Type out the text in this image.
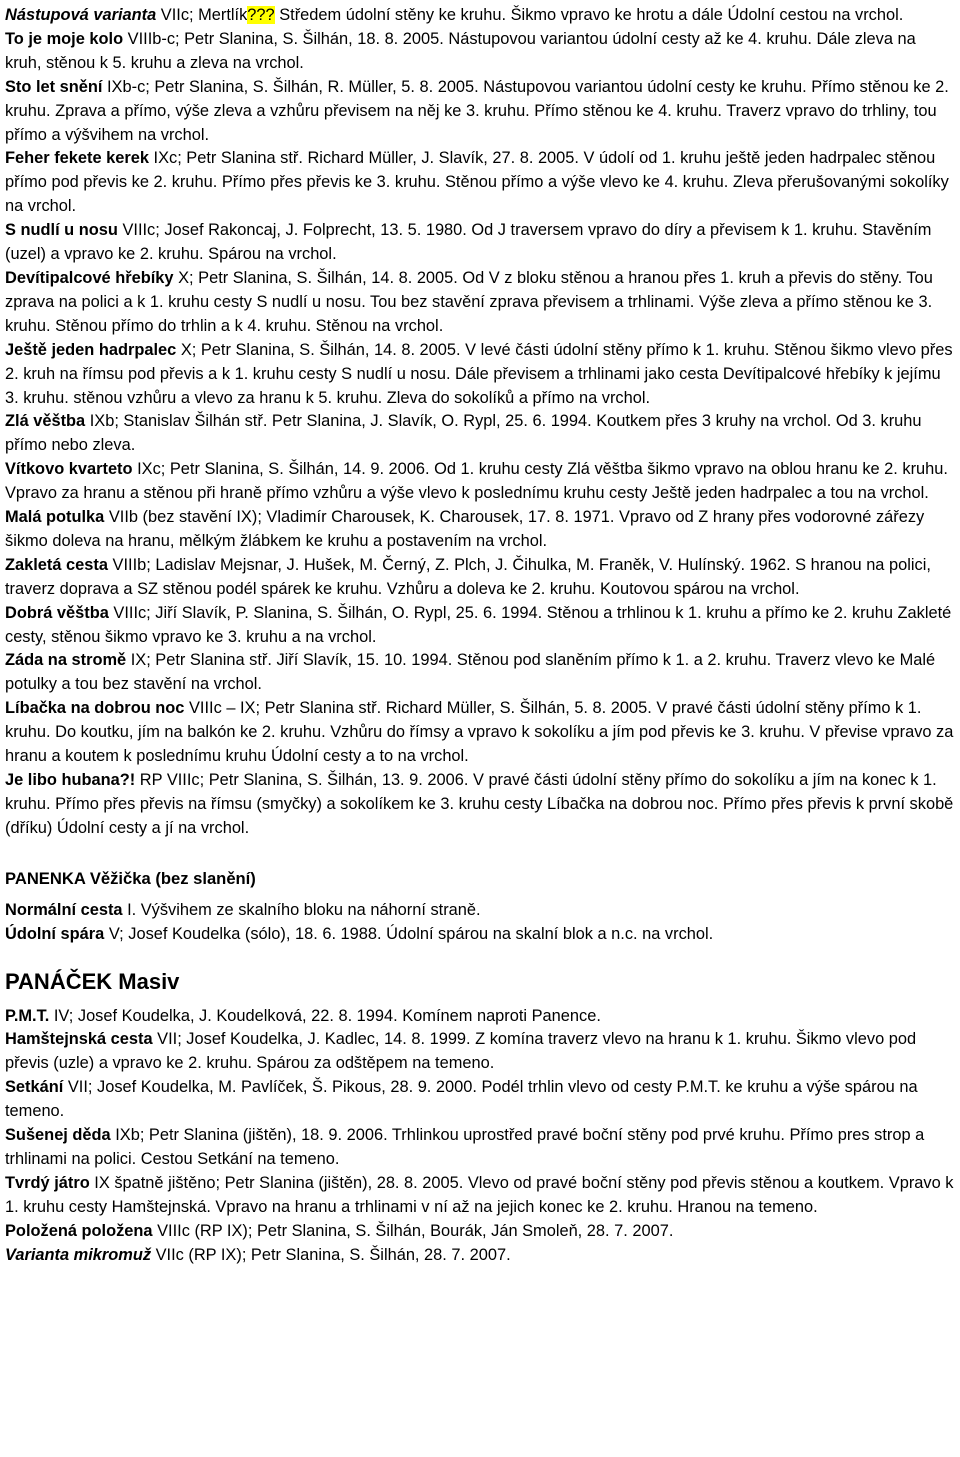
Nástupová varianta VIIc; Mertlík??? Středem údolní stěny ke kruhu. Šikmo vpravo ke hrotu a dále Údolní cestou na vrchol.

To je moje kolo VIIIb-c; Petr Slanina, S. Šilhán, 18. 8. 2005. Nástupovou variantou údolní cesty až ke 4. kruhu. Dále zleva na kruh, stěnou k 5. kruhu a zleva na vrchol.

Sto let snění IXb-c; Petr Slanina, S. Šilhán, R. Müller, 5. 8. 2005. Nástupovou variantou údolní cesty ke kruhu. Přímo stěnou ke 2. kruhu. Zprava a přímo, výše zleva a vzhůru převisem na něj ke 3. kruhu. Přímo stěnou ke 4. kruhu. Traverz vpravo do trhliny, tou přímo a výšvihem na vrchol.

Feher fekete kerek IXc; Petr Slanina stř. Richard Müller, J. Slavík, 27. 8. 2005. V údolí od 1. kruhu ještě jeden hadrpalec stěnou přímo pod převis ke 2. kruhu. Přímo přes převis ke 3. kruhu. Stěnou přímo a výše vlevo ke 4. kruhu. Zleva přerušovanými sokolíky na vrchol.

S nudlí u nosu VIIIc; Josef Rakoncaj, J. Folprecht, 13. 5. 1980. Od J traversem vpravo do díry a převisem k 1. kruhu. Stavěním (uzel) a vpravo ke 2. kruhu. Spárou na vrchol.

Devítipalcové hřebíky X; Petr Slanina, S. Šilhán, 14. 8. 2005. Od V z bloku stěnou a hranou přes 1. kruh a převis do stěny. Tou zprava na polici a k 1. kruhu cesty S nudlí u nosu. Tou bez stavění zprava převisem a trhlinami. Výše zleva a přímo stěnou ke 3. kruhu. Stěnou přímo do trhlin a k 4. kruhu. Stěnou na vrchol.

Ještě jeden hadrpalec X; Petr Slanina, S. Šilhán, 14. 8. 2005. V levé části údolní stěny přímo k 1. kruhu. Stěnou šikmo vlevo přes 2. kruh na římsu pod převis a k 1. kruhu cesty S nudlí u nosu. Dále převisem a trhlinami jako cesta Devítipalcové hřebíky k jejímu 3. kruhu. stěnou vzhůru a vlevo za hranu k 5. kruhu. Zleva do sokolíků a přímo na vrchol.

Zlá věštba IXb; Stanislav Šilhán stř. Petr Slanina, J. Slavík, O. Rypl, 25. 6. 1994. Koutkem přes 3 kruhy na vrchol. Od 3. kruhu přímo nebo zleva.

Vítkovo kvarteto IXc; Petr Slanina, S. Šilhán, 14. 9. 2006. Od 1. kruhu cesty Zlá věštba šikmo vpravo na oblou hranu ke 2. kruhu. Vpravo za hranu a stěnou při hraně přímo vzhůru a výše vlevo k poslednímu kruhu cesty Ještě jeden hadrpalec a tou na vrchol.

Malá potulka VIIb (bez stavění IX); Vladimír Charousek, K. Charousek, 17. 8. 1971. Vpravo od Z hrany přes vodorovné zářezy šikmo doleva na hranu, mělkým žlábkem ke kruhu a postavením na vrchol.

Zakletá cesta VIIIb; Ladislav Mejsnar, J. Hušek, M. Černý, Z. Plch, J. Čihulka, M. Franěk, V. Hulínský. 1962. S hranou na polici, traverz doprava a SZ stěnou podél spárek ke kruhu. Vzhůru a doleva ke 2. kruhu. Koutovou spárou na vrchol.

Dobrá věštba VIIIc; Jiří Slavík, P. Slanina, S. Šilhán, O. Rypl, 25. 6. 1994. Stěnou a trhlinou k 1. kruhu a přímo ke 2. kruhu Zakleté cesty, stěnou šikmo vpravo ke 3. kruhu a na vrchol.

Záda na stromě IX; Petr Slanina stř. Jiří Slavík, 15. 10. 1994. Stěnou pod slaněním přímo k 1. a 2. kruhu. Traverz vlevo ke Malé potulky a tou bez stavění na vrchol.

Líbačka na dobrou noc VIIIc – IX; Petr Slanina stř. Richard Müller, S. Šilhán, 5. 8. 2005. V pravé části údolní stěny přímo k 1. kruhu. Do koutku, jím na balkón ke 2. kruhu. Vzhůru do římsy a vpravo k sokolíku a jím pod převis ke 3. kruhu. V převise vpravo za hranu a koutem k poslednímu kruhu Údolní cesty a to na vrchol.

Je libo hubana?! RP VIIIc; Petr Slanina, S. Šilhán, 13. 9. 2006. V pravé části údolní stěny přímo do sokolíku a jím na konec k 1. kruhu. Přímo přes převis na římsu (smyčky) a sokolíkem ke 3. kruhu cesty Líbačka na dobrou noc. Přímo přes převis k první skobě (dříku) Údolní cesty a jí na vrchol.

PANENKA Věžička (bez slanění)

Normální cesta I. Výšvihem ze skalního bloku na náhorní straně.

Údolní spára V; Josef Koudelka (sólo), 18. 6. 1988. Údolní spárou na skalní blok a n.c. na vrchol.

PANÁČEK Masiv

P.M.T. IV; Josef Koudelka, J. Koudelková, 22. 8. 1994. Komínem naproti Panence.

Hamštejnská cesta VII; Josef Koudelka, J. Kadlec, 14. 8. 1999. Z komína traverz vlevo na hranu k 1. kruhu. Šikmo vlevo pod převis (uzle) a vpravo ke 2. kruhu. Spárou za odštěpem na temeno.

Setkání VII; Josef Koudelka, M. Pavlíček, Š. Pikous, 28. 9. 2000. Podél trhlin vlevo od cesty P.M.T. ke kruhu a výše spárou na temeno.

Sušenej děda IXb; Petr Slanina (jištěn), 18. 9. 2006. Trhlinkou uprostřed pravé boční stěny pod prvé kruhu. Přímo pres strop a trhlinami na polici. Cestou Setkání na temeno.

Tvrdý játro IX špatně jištěno; Petr Slanina (jištěn), 28. 8. 2005. Vlevo od pravé boční stěny pod převis stěnou a koutkem. Vpravo k 1. kruhu cesty Hamštejnská. Vpravo na hranu a trhlinami v ní až na jejich konec ke 2. kruhu. Hranou na temeno.

Položená položena VIIIc (RP IX); Petr Slanina, S. Šilhán, Bourák, Ján Smoleň, 28. 7. 2007.

Varianta mikromuž VIIc (RP IX); Petr Slanina, S. Šilhán, 28. 7. 2007.
